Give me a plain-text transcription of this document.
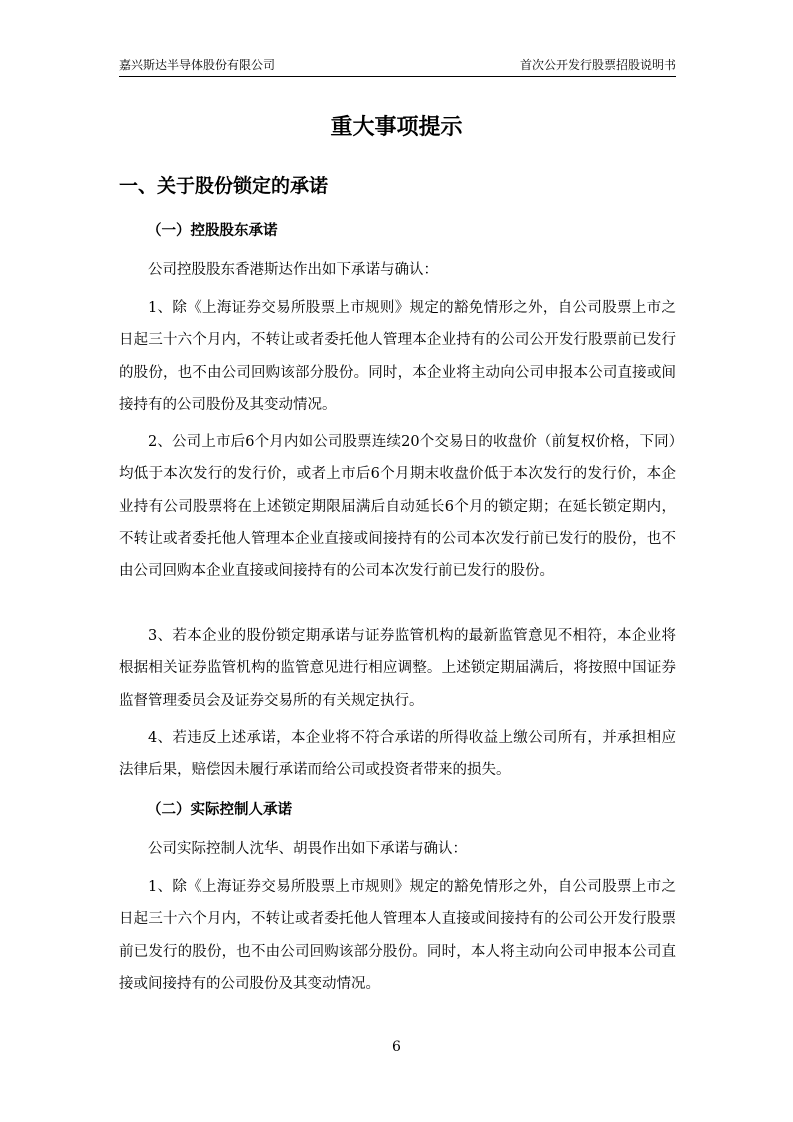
嘉兴斯达半导体股份有限公司	首次公开发行股票招股说明书
重大事项提示
一、关于股份锁定的承诺
（一）控股股东承诺

公司控股股东香港斯达作出如下承诺与确认：

1、除《上海证券交易所股票上市规则》规定的豁免情形之外，自公司股票上市之日起三十六个月内，不转让或者委托他人管理本企业持有的公司公开发行股票前已发行的股份，也不由公司回购该部分股份。同时，本企业将主动向公司申报本公司直接或间接持有的公司股份及其变动情况。

2、公司上市后6个月内如公司股票连续20个交易日的收盘价（前复权价格，下同）均低于本次发行的发行价，或者上市后6个月期末收盘价低于本次发行的发行价，本企业持有公司股票将在上述锁定期限届满后自动延长6个月的锁定期；在延长锁定期内，不转让或者委托他人管理本企业直接或间接持有的公司本次发行前已发行的股份，也不由公司回购本企业直接或间接持有的公司本次发行前已发行的股份。

3、若本企业的股份锁定期承诺与证券监管机构的最新监管意见不相符，本企业将根据相关证券监管机构的监管意见进行相应调整。上述锁定期届满后，将按照中国证券监督管理委员会及证券交易所的有关规定执行。

4、若违反上述承诺，本企业将不符合承诺的所得收益上缴公司所有，并承担相应法律后果，赔偿因未履行承诺而给公司或投资者带来的损失。

（二）实际控制人承诺

公司实际控制人沈华、胡畏作出如下承诺与确认：

1、除《上海证券交易所股票上市规则》规定的豁免情形之外，自公司股票上市之日起三十六个月内，不转让或者委托他人管理本人直接或间接持有的公司公开发行股票前已发行的股份，也不由公司回购该部分股份。同时，本人将主动向公司申报本公司直接或间接持有的公司股份及其变动情况。

6
